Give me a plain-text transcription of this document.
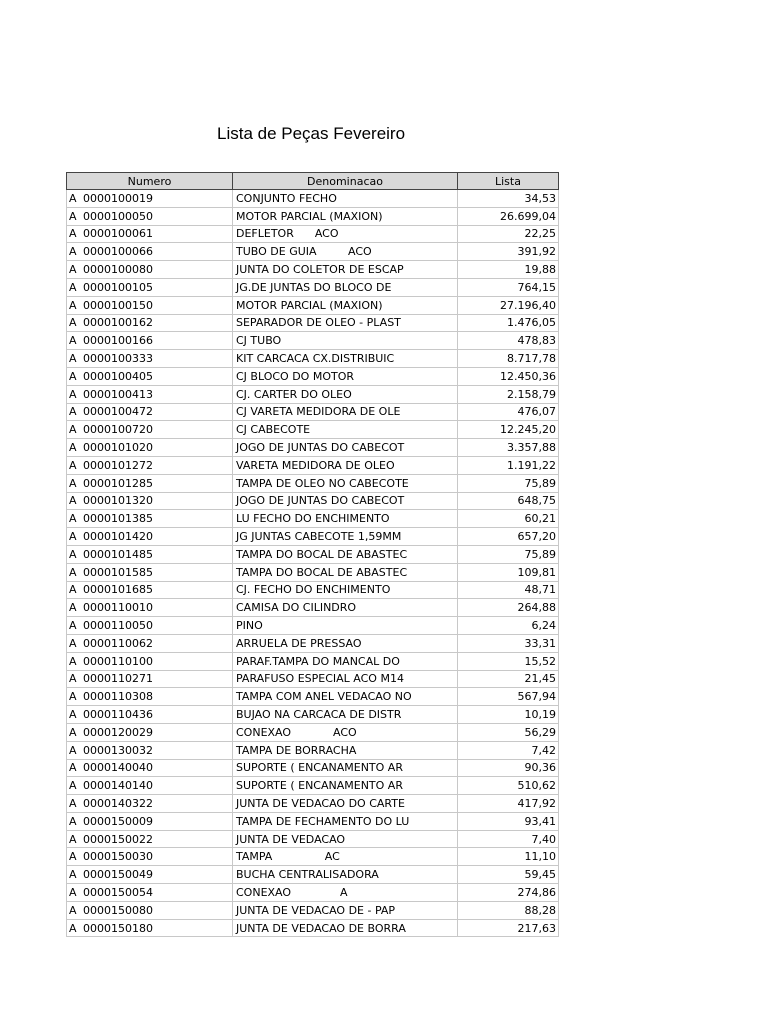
Lista de Peças Fevereiro
Numero	Denominacao	Lista
A 0000100019	CONJUNTO FECHO	34,53
A 0000100050	MOTOR PARCIAL (MAXION)	26.699,04
A 0000100061	DEFLETOR      ACO	22,25
A 0000100066	TUBO DE GUIA         ACO	391,92
A 0000100080	JUNTA DO COLETOR DE ESCAP	19,88
A 0000100105	JG.DE JUNTAS DO BLOCO DE	764,15
A 0000100150	MOTOR PARCIAL (MAXION)	27.196,40
A 0000100162	SEPARADOR DE OLEO - PLAST	1.476,05
A 0000100166	CJ TUBO	478,83
A 0000100333	KIT CARCACA CX.DISTRIBUIC	8.717,78
A 0000100405	CJ BLOCO DO MOTOR	12.450,36
A 0000100413	CJ. CARTER DO OLEO	2.158,79
A 0000100472	CJ VARETA MEDIDORA DE OLE	476,07
A 0000100720	CJ CABECOTE	12.245,20
A 0000101020	JOGO DE JUNTAS DO CABECOT	3.357,88
A 0000101272	VARETA MEDIDORA DE OLEO	1.191,22
A 0000101285	TAMPA DE OLEO NO CABECOTE	75,89
A 0000101320	JOGO DE JUNTAS DO CABECOT	648,75
A 0000101385	LU FECHO DO ENCHIMENTO	60,21
A 0000101420	JG JUNTAS CABECOTE 1,59MM	657,20
A 0000101485	TAMPA DO BOCAL DE ABASTEC	75,89
A 0000101585	TAMPA DO BOCAL DE ABASTEC	109,81
A 0000101685	CJ. FECHO DO ENCHIMENTO	48,71
A 0000110010	CAMISA DO CILINDRO	264,88
A 0000110050	PINO	6,24
A 0000110062	ARRUELA DE PRESSAO	33,31
A 0000110100	PARAF.TAMPA DO MANCAL DO	15,52
A 0000110271	PARAFUSO ESPECIAL ACO M14	21,45
A 0000110308	TAMPA COM ANEL VEDACAO NO	567,94
A 0000110436	BUJAO NA CARCACA DE DISTR	10,19
A 0000120029	CONEXAO            ACO	56,29
A 0000130032	TAMPA DE BORRACHA	7,42
A 0000140040	SUPORTE ( ENCANAMENTO AR	90,36
A 0000140140	SUPORTE ( ENCANAMENTO AR	510,62
A 0000140322	JUNTA DE VEDACAO DO CARTE	417,92
A 0000150009	TAMPA DE FECHAMENTO DO LU	93,41
A 0000150022	JUNTA DE VEDACAO	7,40
A 0000150030	TAMPA               AC	11,10
A 0000150049	BUCHA CENTRALISADORA	59,45
A 0000150054	CONEXAO              A	274,86
A 0000150080	JUNTA DE VEDACAO DE - PAP	88,28
A 0000150180	JUNTA DE VEDACAO DE BORRA	217,63
